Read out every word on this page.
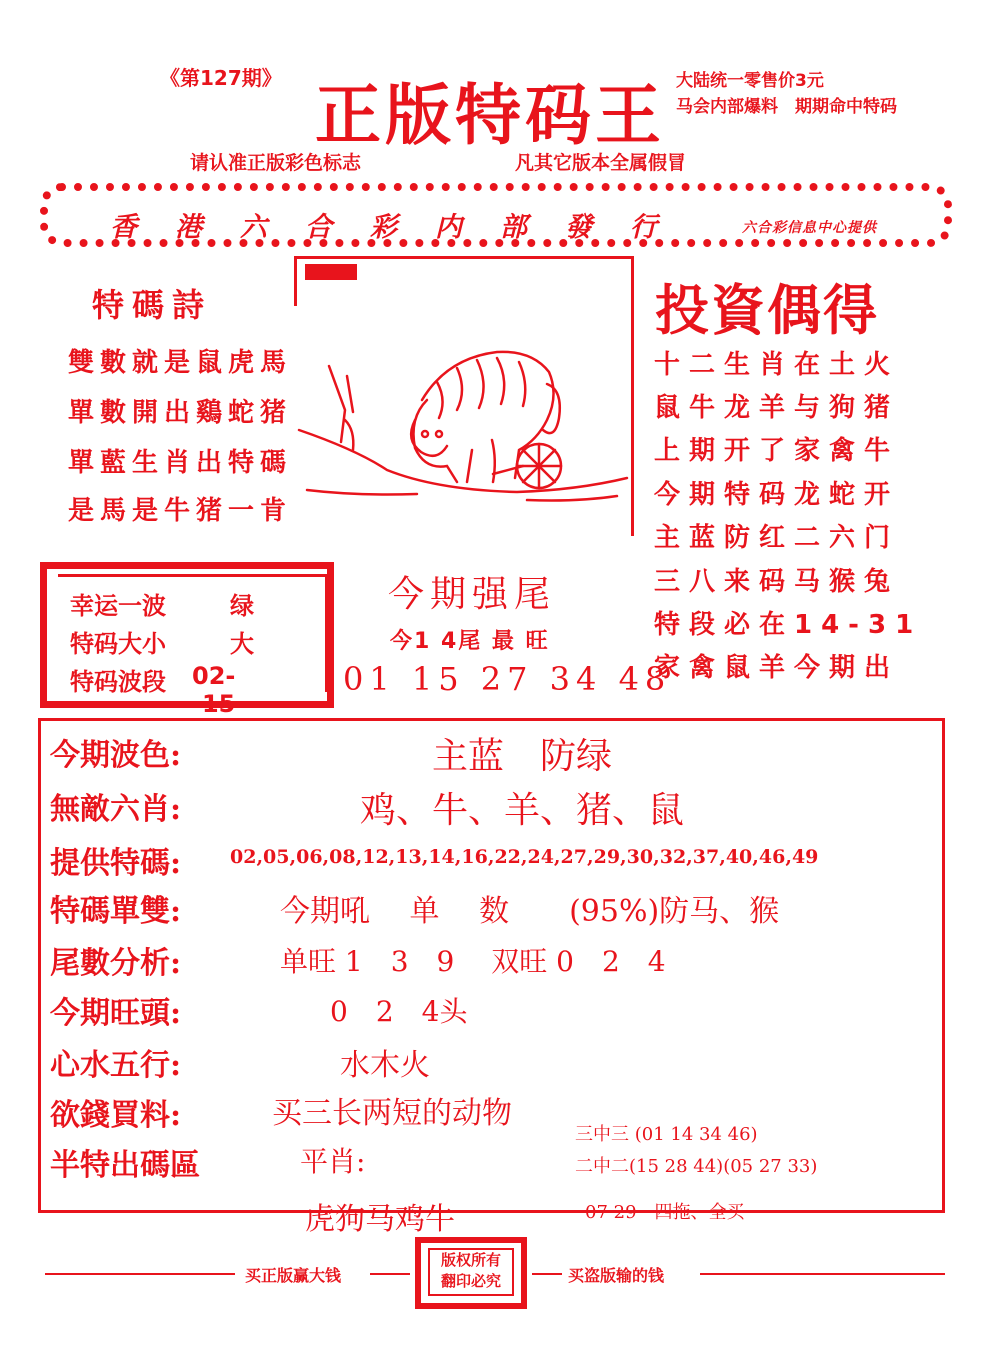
《第127期》 正版特码王 大陆统一零售价3元
马会内部爆料　期期命中特码
请认准正版彩色标志	凡其它版本全属假冒
香港六合彩内部發行	六合彩信息中心提供
特碼詩
雙數就是鼠虎馬
單數開出鷄蛇猪
單藍生肖出特碼
是馬是牛猪一肯
投資偶得
十二生肖在土火
鼠牛龙羊与狗猪
上期开了家禽牛
今期特码龙蛇开
主蓝防红二六门
三八来码马猴兔
特段必在14-31
家禽鼠羊今期出
幸运一波	绿
特码大小	大
特码波段 02--15
今期强尾
今1 4尾 最 旺
01 15 27 34 48
今期波色:	主蓝　防绿
無敵六肖:	鸡、牛、羊、猪、鼠
提供特碼:	02,05,06,08,12,13,14,16,22,24,27,29,30,32,37,40,46,49
特碼單雙:	今期吼　 单　 数　　(95%)防马、猴
尾數分析:	单旺 1　3　9　 双旺 0　2　4
今期旺頭:	0　2　4头
心水五行:	水木火
欲錢買料:	买三长两短的动物
半特出碼區	平肖:
虎狗马鸡牛
三中三 (01 14 34 46)
二中二(15 28 44)(05 27 33)
07 29　四拖、全买
买正版赢大钱
版权所有
翻印必究	买盗版输的钱
